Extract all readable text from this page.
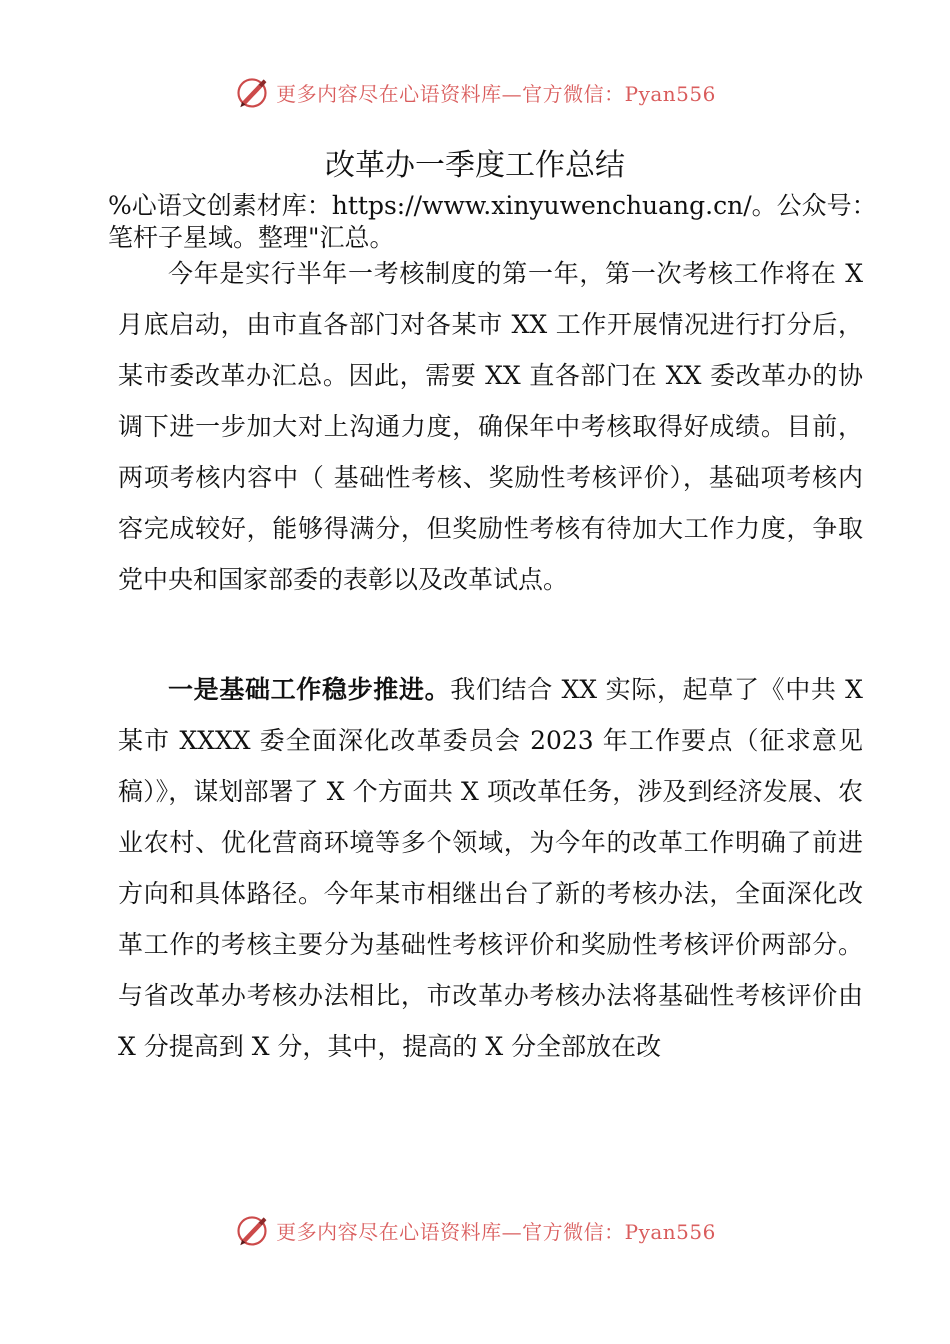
更多内容尽在心语资料库—官方微信：Pyan556
改革办一季度工作总结

%心语文创素材库：https://www.xinyuwenchuang.cn/。公众号：笔杆子星域。整理"汇总。

今年是实行半年一考核制度的第一年，第一次考核工作将在 X 月底启动，由市直各部门对各某市 XX 工作开展情况进行打分后，某市委改革办汇总。因此，需要 XX 直各部门在 XX 委改革办的协调下进一步加大对上沟通力度，确保年中考核取得好成绩。目前，两项考核内容中（ 基础性考核、奖励性考核评价），基础项考核内容完成较好，能够得满分，但奖励性考核有待加大工作力度，争取党中央和国家部委的表彰以及改革试点。

一是基础工作稳步推进。我们结合 XX 实际，起草了《中共 X某市 XXXX 委全面深化改革委员会 2023 年工作要点（征求意见稿）》，谋划部署了 X 个方面共 X 项改革任务，涉及到经济发展、农业农村、优化营商环境等多个领域，为今年的改革工作明确了前进方向和具体路径。今年某市相继出台了新的考核办法，全面深化改革工作的考核主要分为基础性考核评价和奖励性考核评价两部分。与省改革办考核办法相比，市改革办考核办法将基础性考核评价由 X 分提高到 X 分，其中，提高的 X 分全部放在改

更多内容尽在心语资料库—官方微信：Pyan556
